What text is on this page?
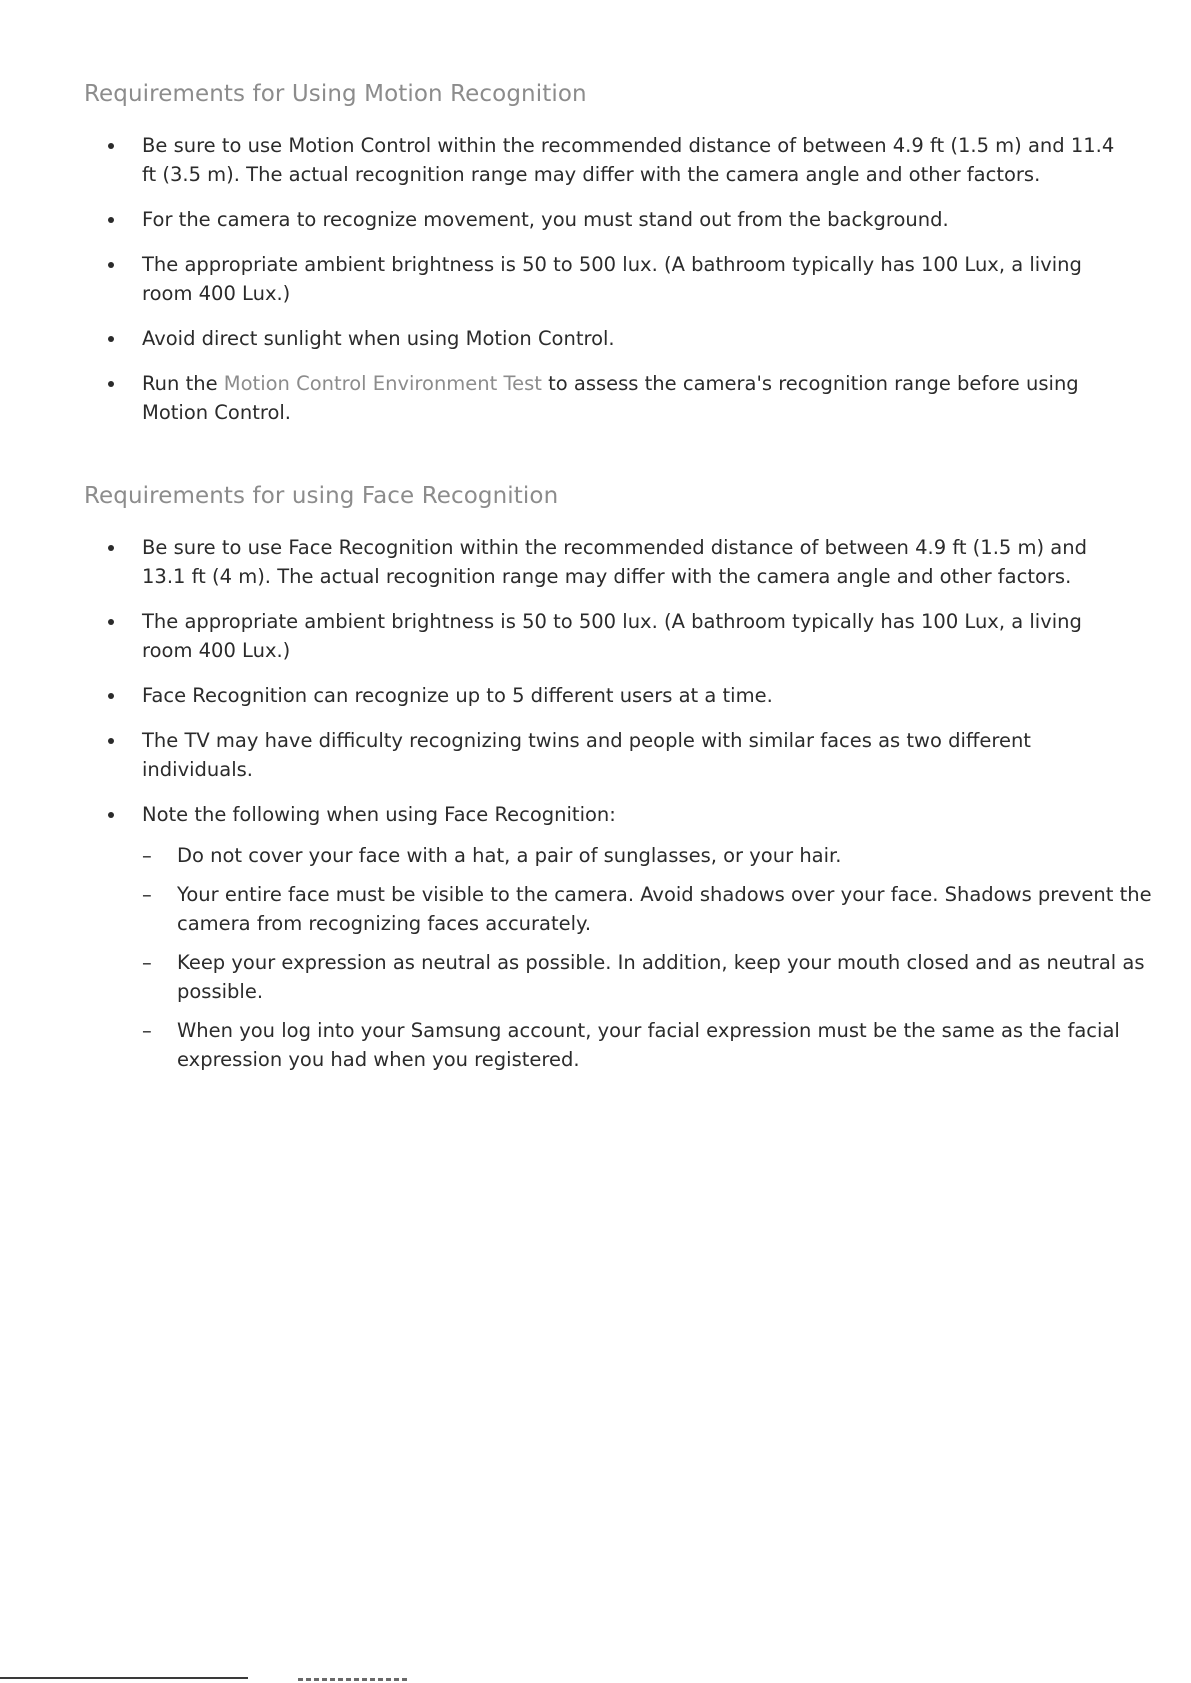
Requirements for Using Motion Recognition
Be sure to use Motion Control within the recommended distance of between 4.9 ft (1.5 m) and 11.4 ft (3.5 m). The actual recognition range may differ with the camera angle and other factors.
For the camera to recognize movement, you must stand out from the background.
The appropriate ambient brightness is 50 to 500 lux. (A bathroom typically has 100 Lux, a living room 400 Lux.)
Avoid direct sunlight when using Motion Control.
Run the Motion Control Environment Test to assess the camera's recognition range before using Motion Control.
Requirements for using Face Recognition
Be sure to use Face Recognition within the recommended distance of between 4.9 ft (1.5 m) and 13.1 ft (4 m). The actual recognition range may differ with the camera angle and other factors.
The appropriate ambient brightness is 50 to 500 lux. (A bathroom typically has 100 Lux, a living room 400 Lux.)
Face Recognition can recognize up to 5 different users at a time.
The TV may have difficulty recognizing twins and people with similar faces as two different individuals.
Note the following when using Face Recognition:
– Do not cover your face with a hat, a pair of sunglasses, or your hair.
– Your entire face must be visible to the camera. Avoid shadows over your face. Shadows prevent the camera from recognizing faces accurately.
– Keep your expression as neutral as possible. In addition, keep your mouth closed and as neutral as possible.
– When you log into your Samsung account, your facial expression must be the same as the facial expression you had when you registered.
